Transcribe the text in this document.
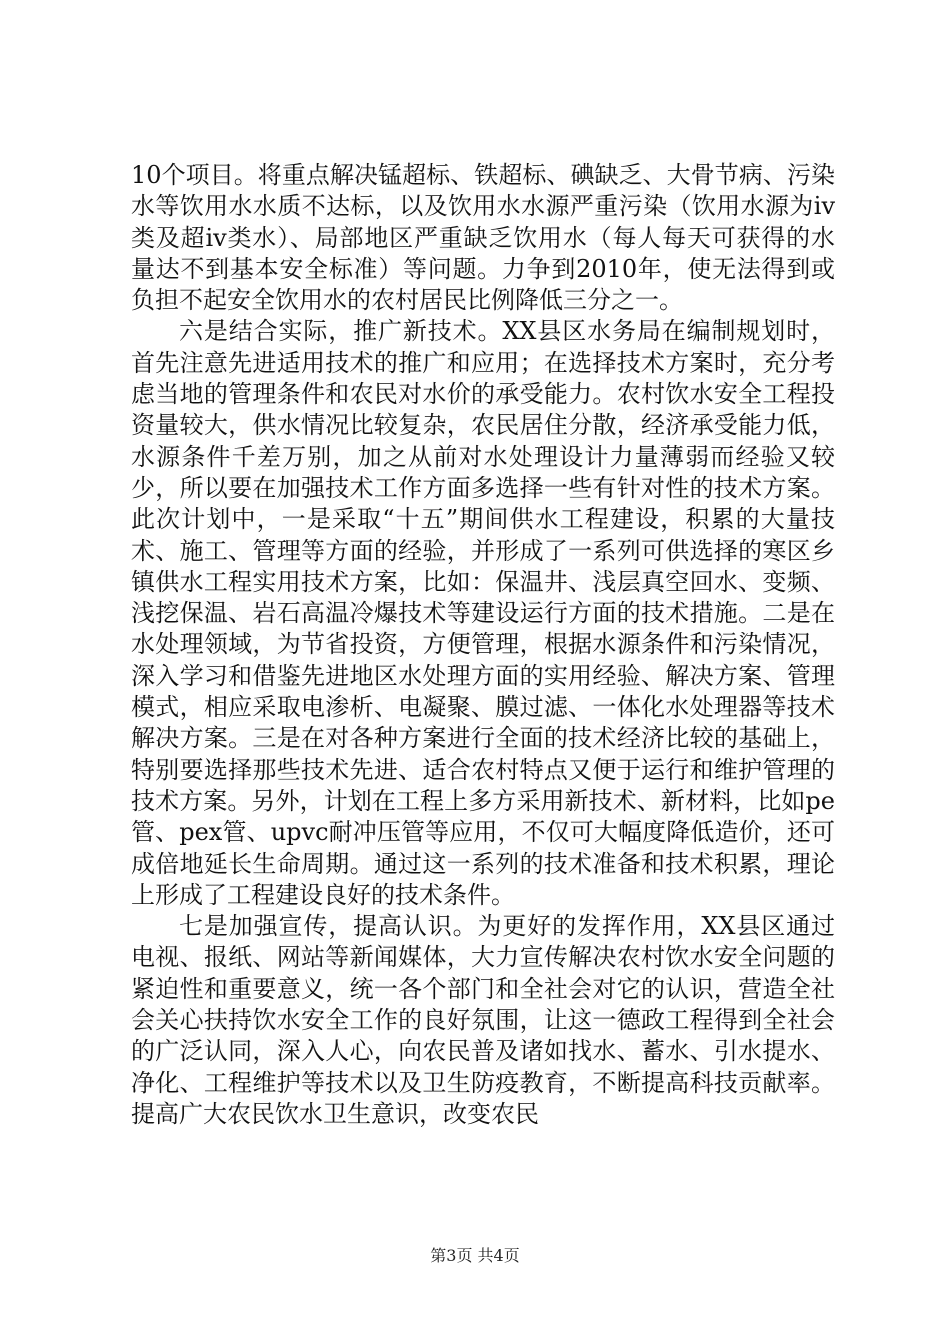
10个项目。将重点解决锰超标、铁超标、碘缺乏、大骨节病、污染水等饮用水水质不达标，以及饮用水水源严重污染（饮用水源为iv类及超iv类水）、局部地区严重缺乏饮用水（每人每天可获得的水量达不到基本安全标准）等问题。力争到2010年，使无法得到或负担不起安全饮用水的农村居民比例降低三分之一。

六是结合实际，推广新技术。XX县区水务局在编制规划时，首先注意先进适用技术的推广和应用；在选择技术方案时，充分考虑当地的管理条件和农民对水价的承受能力。农村饮水安全工程投资量较大，供水情况比较复杂，农民居住分散，经济承受能力低，水源条件千差万别，加之从前对水处理设计力量薄弱而经验又较少，所以要在加强技术工作方面多选择一些有针对性的技术方案。此次计划中，一是采取“十五”期间供水工程建设，积累的大量技术、施工、管理等方面的经验，并形成了一系列可供选择的寒区乡镇供水工程实用技术方案，比如：保温井、浅层真空回水、变频、浅挖保温、岩石高温冷爆技术等建设运行方面的技术措施。二是在水处理领域，为节省投资，方便管理，根据水源条件和污染情况，深入学习和借鉴先进地区水处理方面的实用经验、解决方案、管理模式，相应采取电渗析、电凝聚、膜过滤、一体化水处理器等技术解决方案。三是在对各种方案进行全面的技术经济比较的基础上，特别要选择那些技术先进、适合农村特点又便于运行和维护管理的技术方案。另外，计划在工程上多方采用新技术、新材料，比如pe管、pex管、upvc耐冲压管等应用，不仅可大幅度降低造价，还可成倍地延长生命周期。通过这一系列的技术准备和技术积累，理论上形成了工程建设良好的技术条件。

七是加强宣传，提高认识。为更好的发挥作用，XX县区通过电视、报纸、网站等新闻媒体，大力宣传解决农村饮水安全问题的紧迫性和重要意义，统一各个部门和全社会对它的认识，营造全社会关心扶持饮水安全工作的良好氛围，让这一德政工程得到全社会的广泛认同，深入人心，向农民普及诸如找水、蓄水、引水提水、净化、工程维护等技术以及卫生防疫教育，不断提高科技贡献率。提高广大农民饮水卫生意识，改变农民

第3页 共4页
